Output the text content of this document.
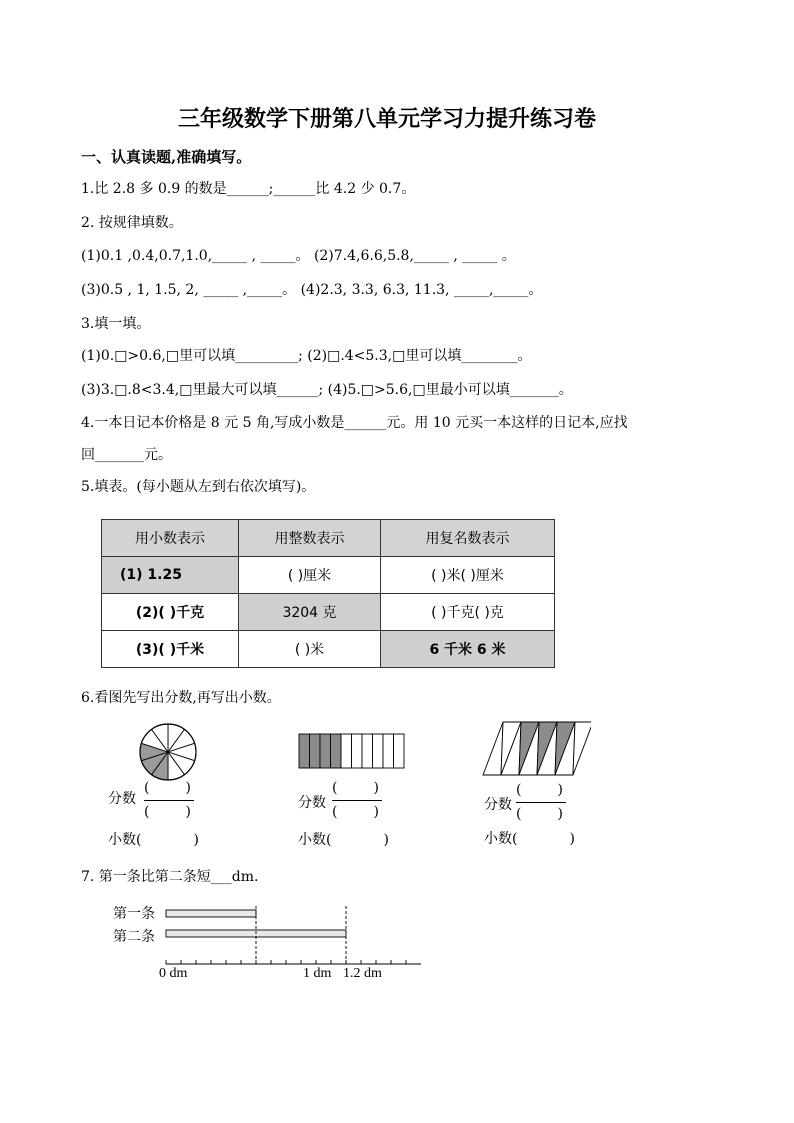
三年级数学下册第八单元学习力提升练习卷
一、认真读题,准确填写。
1.比 2.8 多 0.9 的数是______;______比 4.2 少 0.7。
2. 按规律填数。
(1)0.1 ,0.4,0.7,1.0,_____ , _____。 (2)7.4,6.6,5.8,_____ , _____ 。
(3)0.5 , 1, 1.5, 2, _____ ,_____。 (4)2.3, 3.3, 6.3, 11.3, _____,_____。
3.填一填。
(1)0.□>0.6,□里可以填_________; (2)□.4<5.3,□里可以填________。
(3)3.□.8<3.4,□里最大可以填______; (4)5.□>5.6,□里最小可以填_______。
4.一本日记本价格是 8 元 5 角,写成小数是______元。用 10 元买一本这样的日记本,应找
回_______元。
5.填表。(每小题从左到右依次填写)。
用小数表示	用整数表示	用复名数表示
(1) 1.25	( )厘米	( )米( )厘米
(2)( )千克	3204 克	( )千克( )克
(3)( )千米	( )米	6 千米 6 米
6.看图先写出分数,再写出小数。
分数
(	)
(	)
小数(	)
分数
(	)
(	)
小数(	)
分数
(	)
(	)
小数(	)
7. 第一条比第二条短___dm.
第一条
第二条
0 dm	1 dm 1.2 dm
